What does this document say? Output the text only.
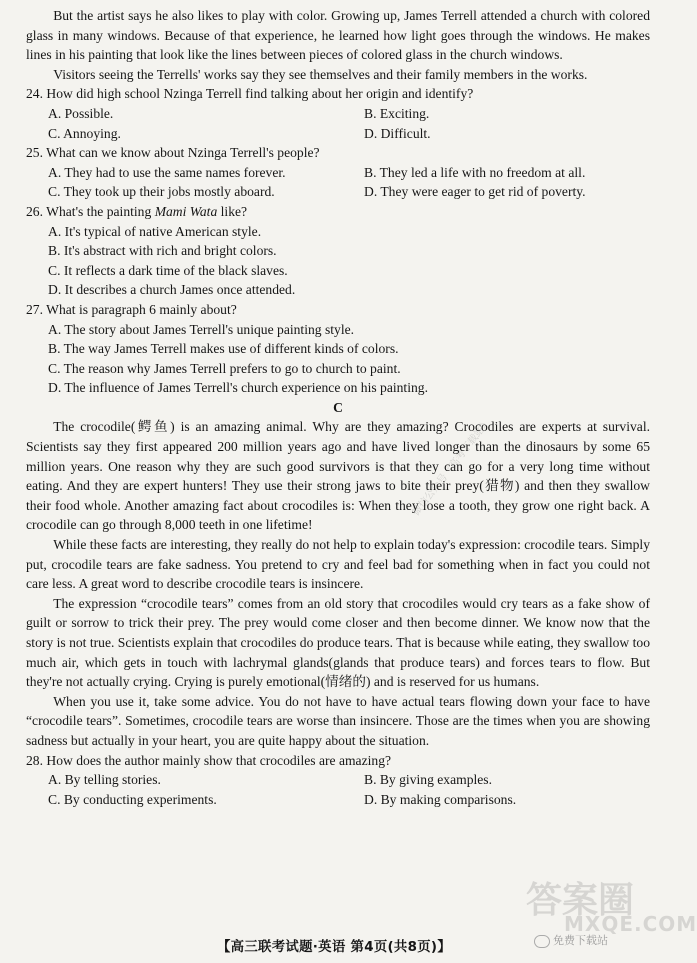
But the artist says he also likes to play with color. Growing up, James Terrell attended a church with colored glass in many windows. Because of that experience, he learned how light goes through the windows. He makes lines in his painting that look like the lines between pieces of colored glass in the church windows.

Visitors seeing the Terrells' works say they see themselves and their family members in the works.

24. How did high school Nzinga Terrell find talking about her origin and identify?

A. Possible.	B. Exciting.
C. Annoying.	D. Difficult.

25. What can we know about Nzinga Terrell's people?

A. They had to use the same names forever.	B. They led a life with no freedom at all.
C. They took up their jobs mostly aboard.	D. They were eager to get rid of poverty.

26. What's the painting Mami Wata like?

A. It's typical of native American style.

B. It's abstract with rich and bright colors.

C. It reflects a dark time of the black slaves.

D. It describes a church James once attended.

27. What is paragraph 6 mainly about?

A. The story about James Terrell's unique painting style.

B. The way James Terrell makes use of different kinds of colors.

C. The reason why James Terrell prefers to go to church to paint.

D. The influence of James Terrell's church experience on his painting.

C

The crocodile(鳄鱼) is an amazing animal. Why are they amazing? Crocodiles are experts at survival. Scientists say they first appeared 200 million years ago and have lived longer than the dinosaurs by some 65 million years. One reason why they are such good survivors is that they can go for a very long time without eating. And they are expert hunters! They use their strong jaws to bite their prey(猎物) and then they swallow their food whole. Another amazing fact about crocodiles is: When they lose a tooth, they grow one right back. A crocodile can go through 8,000 teeth in one lifetime!

While these facts are interesting, they really do not help to explain today's expression: crocodile tears. Simply put, crocodile tears are fake sadness. You pretend to cry and feel bad for something when in fact you could not care less. A great word to describe crocodile tears is insincere.

The expression “crocodile tears” comes from an old story that crocodiles would cry tears as a fake show of guilt or sorrow to trick their prey. The prey would come closer and then become dinner. We know now that the story is not true. Scientists explain that crocodiles do produce tears. That is because while eating, they swallow too much air, which gets in touch with lachrymal glands(glands that produce tears) and forces tears to flow. But they're not actually crying. Crying is purely emotional(情绪的) and is reserved for us humans.

When you use it, take some advice. You do not have to have actual tears flowing down your face to have “crocodile tears”. Sometimes, crocodile tears are worse than insincere. Those are the times when you are showing sadness but actually in your heart, you are quite happy about the situation.

28. How does the author mainly show that crocodiles are amazing?

A. By telling stories.	B. By giving examples.
C. By conducting experiments.	D. By making comparisons.
微信公众号《高考下载站》
答案圈
MXQE.COM
【高三联考试题·英语 第4页(共8页)】	免费下载站
